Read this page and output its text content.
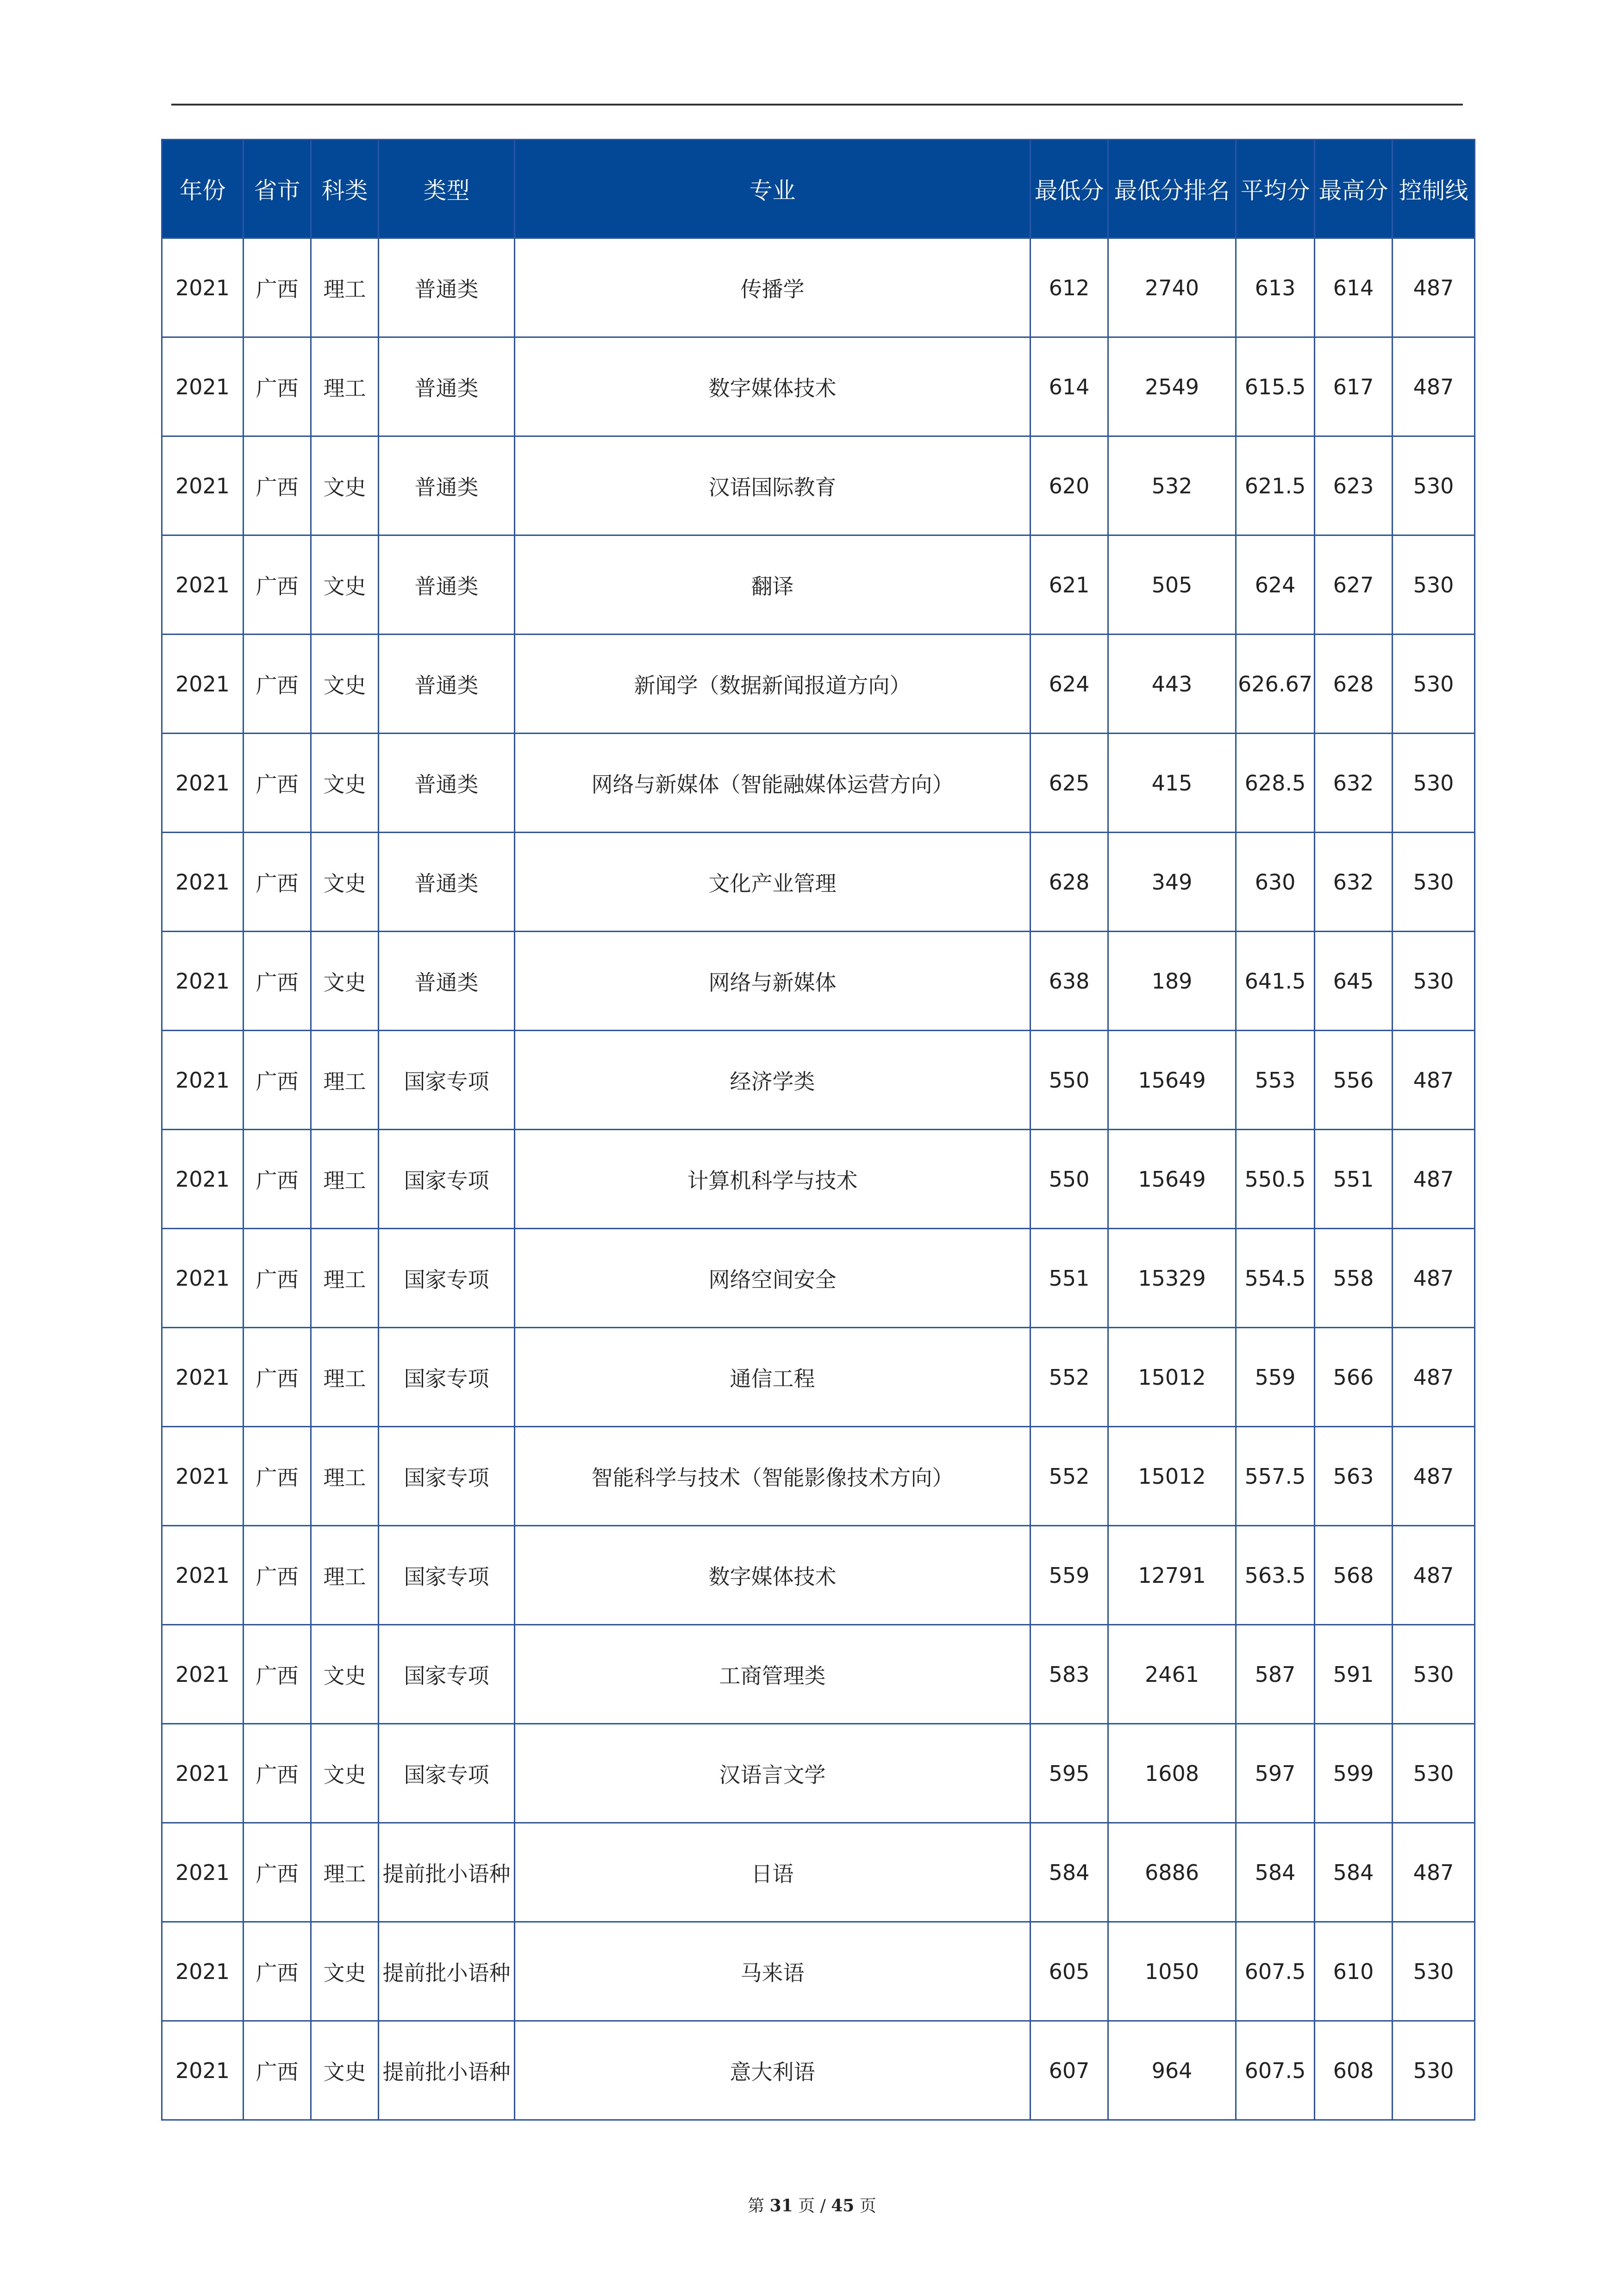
年份	省市	科类	类型	专业	最低分	最低分排名	平均分	最高分	控制线
2021	广西	理工	普通类	传播学	612	2740	613	614	487
2021	广西	理工	普通类	数字媒体技术	614	2549	615.5	617	487
2021	广西	文史	普通类	汉语国际教育	620	532	621.5	623	530
2021	广西	文史	普通类	翻译	621	505	624	627	530
2021	广西	文史	普通类	新闻学（数据新闻报道方向）	624	443	626.67	628	530
2021	广西	文史	普通类	网络与新媒体（智能融媒体运营方向）	625	415	628.5	632	530
2021	广西	文史	普通类	文化产业管理	628	349	630	632	530
2021	广西	文史	普通类	网络与新媒体	638	189	641.5	645	530
2021	广西	理工	国家专项	经济学类	550	15649	553	556	487
2021	广西	理工	国家专项	计算机科学与技术	550	15649	550.5	551	487
2021	广西	理工	国家专项	网络空间安全	551	15329	554.5	558	487
2021	广西	理工	国家专项	通信工程	552	15012	559	566	487
2021	广西	理工	国家专项	智能科学与技术（智能影像技术方向）	552	15012	557.5	563	487
2021	广西	理工	国家专项	数字媒体技术	559	12791	563.5	568	487
2021	广西	文史	国家专项	工商管理类	583	2461	587	591	530
2021	广西	文史	国家专项	汉语言文学	595	1608	597	599	530
2021	广西	理工	提前批小语种	日语	584	6886	584	584	487
2021	广西	文史	提前批小语种	马来语	605	1050	607.5	610	530
2021	广西	文史	提前批小语种	意大利语	607	964	607.5	608	530
第 31 页 / 45 页
